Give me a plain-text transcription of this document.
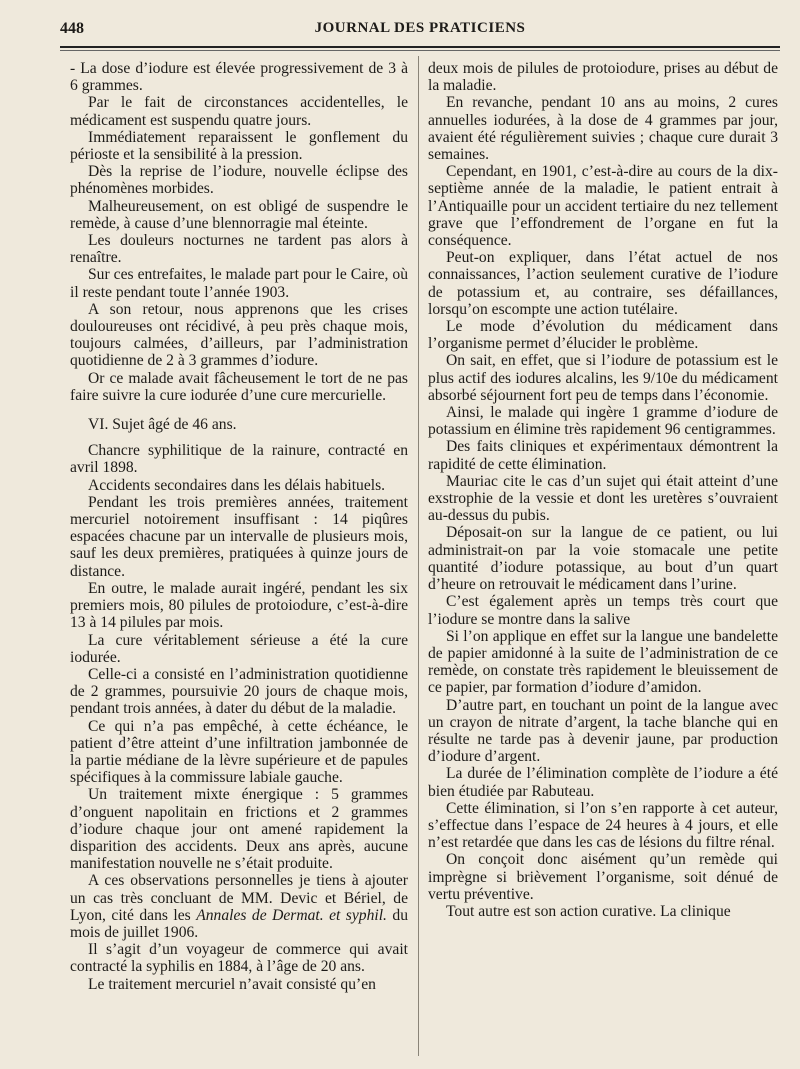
448	JOURNAL DES PRATICIENS

- La dose d’iodure est élevée progressivement de 3 à 6 grammes.

Par le fait de circonstances accidentelles, le médicament est suspendu quatre jours.

Immédiatement reparaissent le gonflement du périoste et la sensibilité à la pression.

Dès la reprise de l’iodure, nouvelle éclipse des phénomènes morbides.

Malheureusement, on est obligé de suspendre le remède, à cause d’une blennorragie mal éteinte.

Les douleurs nocturnes ne tardent pas alors à renaître.

Sur ces entrefaites, le malade part pour le Caire, où il reste pendant toute l’année 1903.

A son retour, nous apprenons que les crises douloureuses ont récidivé, à peu près chaque mois, toujours calmées, d’ailleurs, par l’administration quotidienne de 2 à 3 grammes d’iodure.

Or ce malade avait fâcheusement le tort de ne pas faire suivre la cure iodurée d’une cure mercurielle.

VI. Sujet âgé de 46 ans.

Chancre syphilitique de la rainure, contracté en avril 1898.

Accidents secondaires dans les délais habituels.

Pendant les trois premières années, traitement mercuriel notoirement insuffisant : 14 piqûres espacées chacune par un intervalle de plusieurs mois, sauf les deux premières, pratiquées à quinze jours de distance.

En outre, le malade aurait ingéré, pendant les six premiers mois, 80 pilules de protoiodure, c’est-à-dire 13 à 14 pilules par mois.

La cure véritablement sérieuse a été la cure iodurée.

Celle-ci a consisté en l’administration quotidienne de 2 grammes, poursuivie 20 jours de chaque mois, pendant trois années, à dater du début de la maladie.

Ce qui n’a pas empêché, à cette échéance, le patient d’être atteint d’une infiltration jambonnée de la partie médiane de la lèvre supérieure et de papules spécifiques à la commissure labiale gauche.

Un traitement mixte énergique : 5 grammes d’onguent napolitain en frictions et 2 grammes d’iodure chaque jour ont amené rapidement la disparition des accidents. Deux ans après, aucune manifestation nouvelle ne s’était produite.

A ces observations personnelles je tiens à ajouter un cas très concluant de MM. Devic et Bériel, de Lyon, cité dans les Annales de Dermat. et syphil. du mois de juillet 1906.

Il s’agit d’un voyageur de commerce qui avait contracté la syphilis en 1884, à l’âge de 20 ans.

Le traitement mercuriel n’avait consisté qu’en

deux mois de pilules de protoiodure, prises au début de la maladie.

En revanche, pendant 10 ans au moins, 2 cures annuelles iodurées, à la dose de 4 grammes par jour, avaient été régulièrement suivies ; chaque cure durait 3 semaines.

Cependant, en 1901, c’est-à-dire au cours de la dix-septième année de la maladie, le patient entrait à l’Antiquaille pour un accident tertiaire du nez tellement grave que l’effondrement de l’organe en fut la conséquence.

Peut-on expliquer, dans l’état actuel de nos connaissances, l’action seulement curative de l’iodure de potassium et, au contraire, ses défaillances, lorsqu’on escompte une action tutélaire.

Le mode d’évolution du médicament dans l’organisme permet d’élucider le problème.

On sait, en effet, que si l’iodure de potassium est le plus actif des iodures alcalins, les 9/10e du médicament absorbé séjournent fort peu de temps dans l’économie.

Ainsi, le malade qui ingère 1 gramme d’iodure de potassium en élimine très rapidement 96 centigrammes.

Des faits cliniques et expérimentaux démontrent la rapidité de cette élimination.

Mauriac cite le cas d’un sujet qui était atteint d’une exstrophie de la vessie et dont les uretères s’ouvraient au-dessus du pubis.

Déposait-on sur la langue de ce patient, ou lui administrait-on par la voie stomacale une petite quantité d’iodure potassique, au bout d’un quart d’heure on retrouvait le médicament dans l’urine.

C’est également après un temps très court que l’iodure se montre dans la salive

Si l’on applique en effet sur la langue une bandelette de papier amidonné à la suite de l’administration de ce remède, on constate très rapidement le bleuissement de ce papier, par formation d’iodure d’amidon.

D’autre part, en touchant un point de la langue avec un crayon de nitrate d’argent, la tache blanche qui en résulte ne tarde pas à devenir jaune, par production d’iodure d’argent.

La durée de l’élimination complète de l’iodure a été bien étudiée par Rabuteau.

Cette élimination, si l’on s’en rapporte à cet auteur, s’effectue dans l’espace de 24 heures à 4 jours, et elle n’est retardée que dans les cas de lésions du filtre rénal.

On conçoit donc aisément qu’un remède qui imprègne si brièvement l’organisme, soit dénué de vertu préventive.

Tout autre est son action curative. La clinique
